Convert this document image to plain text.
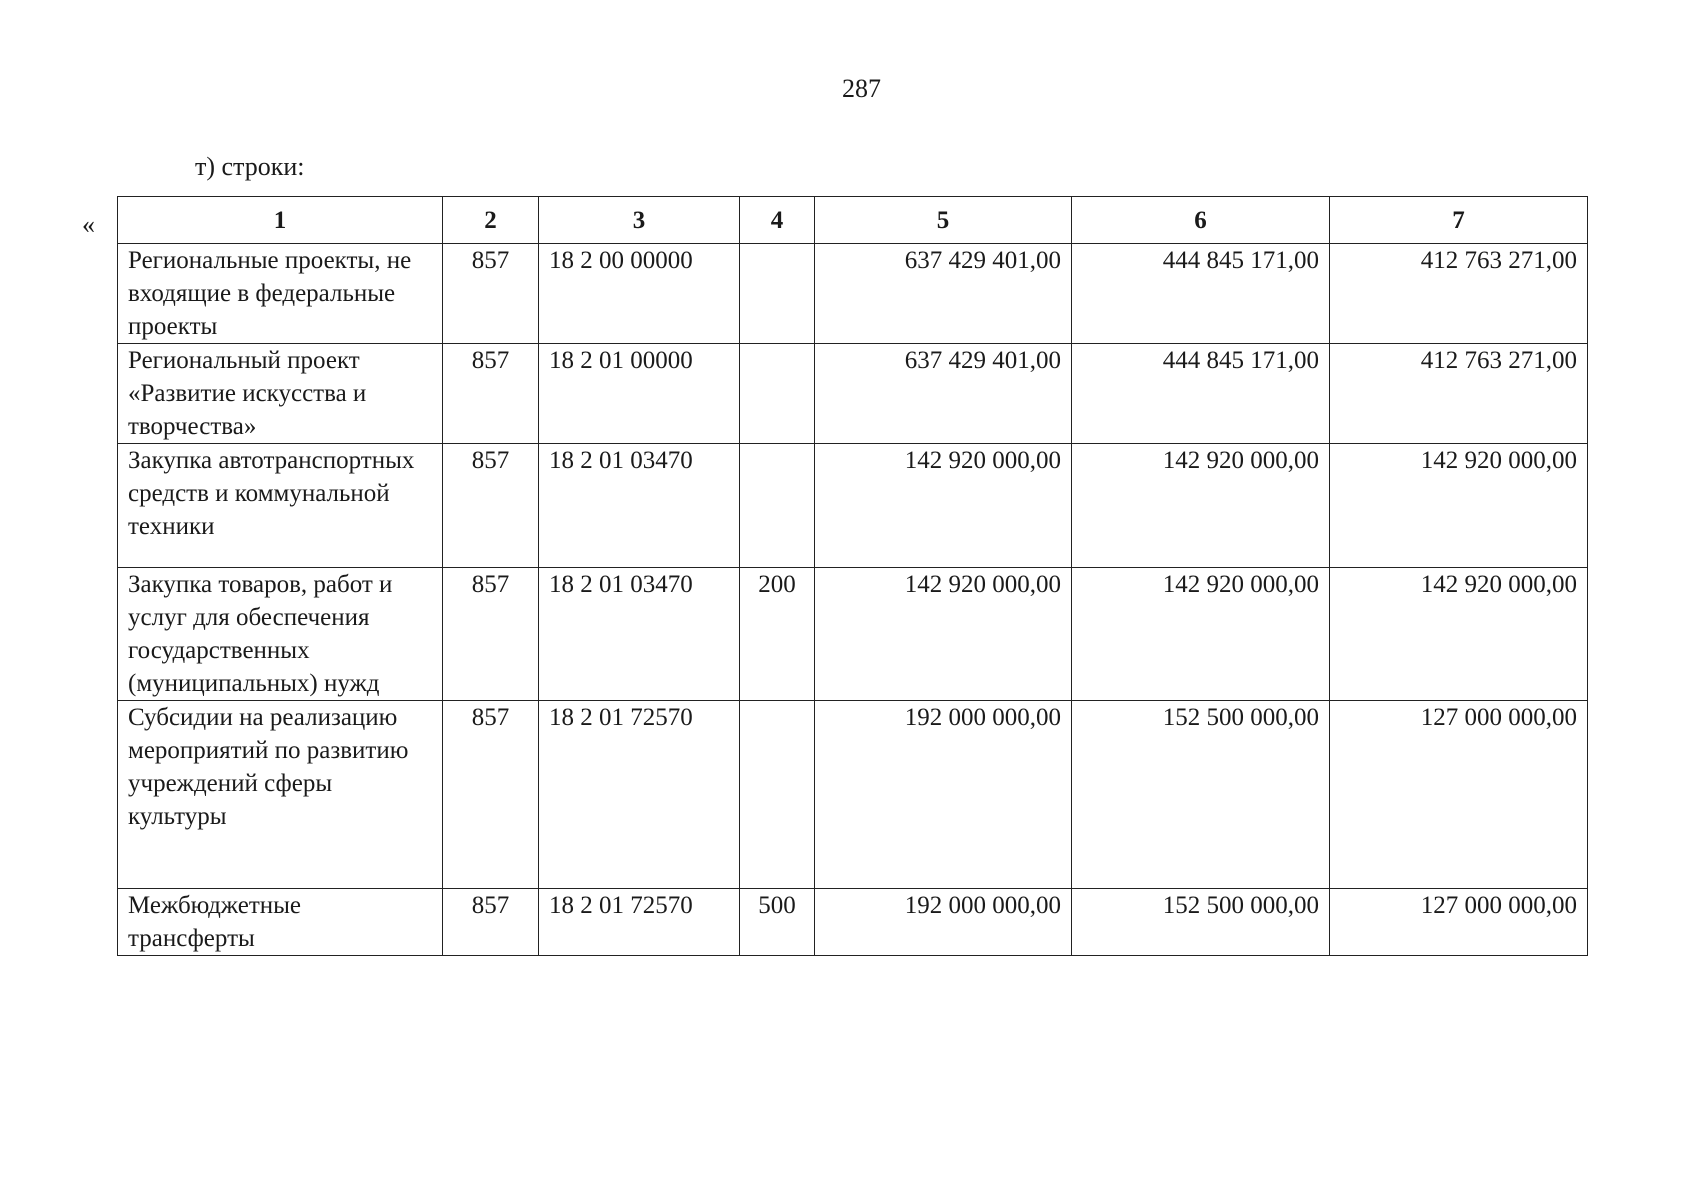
287
т) строки:
«	1	2	3	4	5	6	7
Региональные проекты, не входящие в федеральные проекты	857	18 2 00 00000		637 429 401,00	444 845 171,00	412 763 271,00
Региональный проект «Развитие искусства и творчества»	857	18 2 01 00000		637 429 401,00	444 845 171,00	412 763 271,00
Закупка автотранспортных средств и коммунальной техники	857	18 2 01 03470		142 920 000,00	142 920 000,00	142 920 000,00
Закупка товаров, работ и услуг для обеспечения государственных (муниципальных) нужд	857	18 2 01 03470	200	142 920 000,00	142 920 000,00	142 920 000,00
Субсидии на реализацию мероприятий по развитию учреждений сферы культуры	857	18 2 01 72570		192 000 000,00	152 500 000,00	127 000 000,00
Межбюджетные трансферты	857	18 2 01 72570	500	192 000 000,00	152 500 000,00	127 000 000,00
